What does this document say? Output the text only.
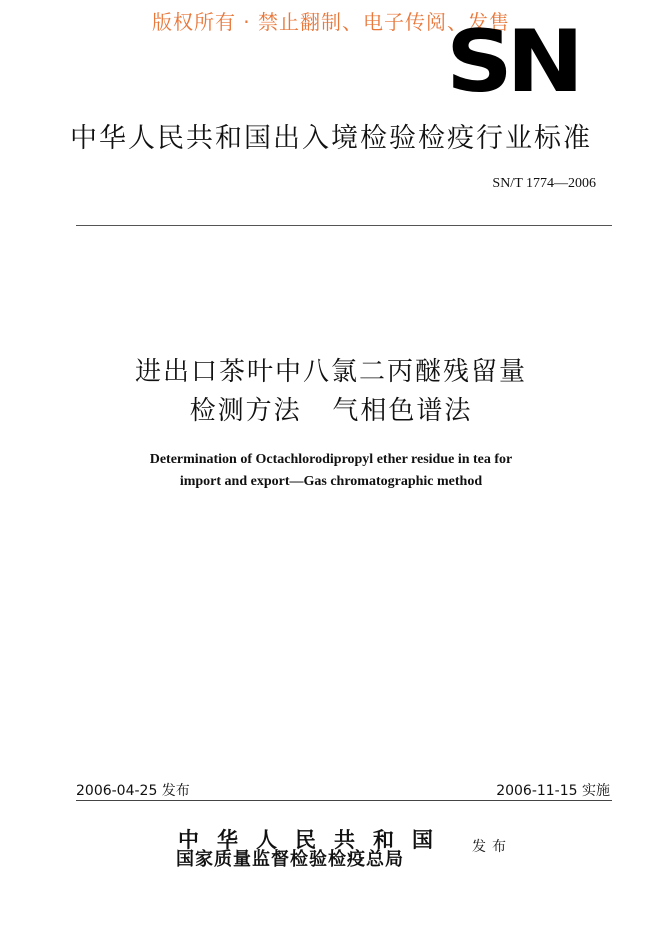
版权所有 · 禁止翻制、电子传阅、发售
SN
中华人民共和国出入境检验检疫行业标准
SN/T 1774—2006
进出口茶叶中八氯二丙醚残留量
检测方法   气相色谱法
Determination of Octachlorodipropyl ether residue in tea for
import and export—Gas chromatographic method
2006-04-25 发布	2006-11-15 实施
中华人民共和国
国家质量监督检验检疫总局
发布
